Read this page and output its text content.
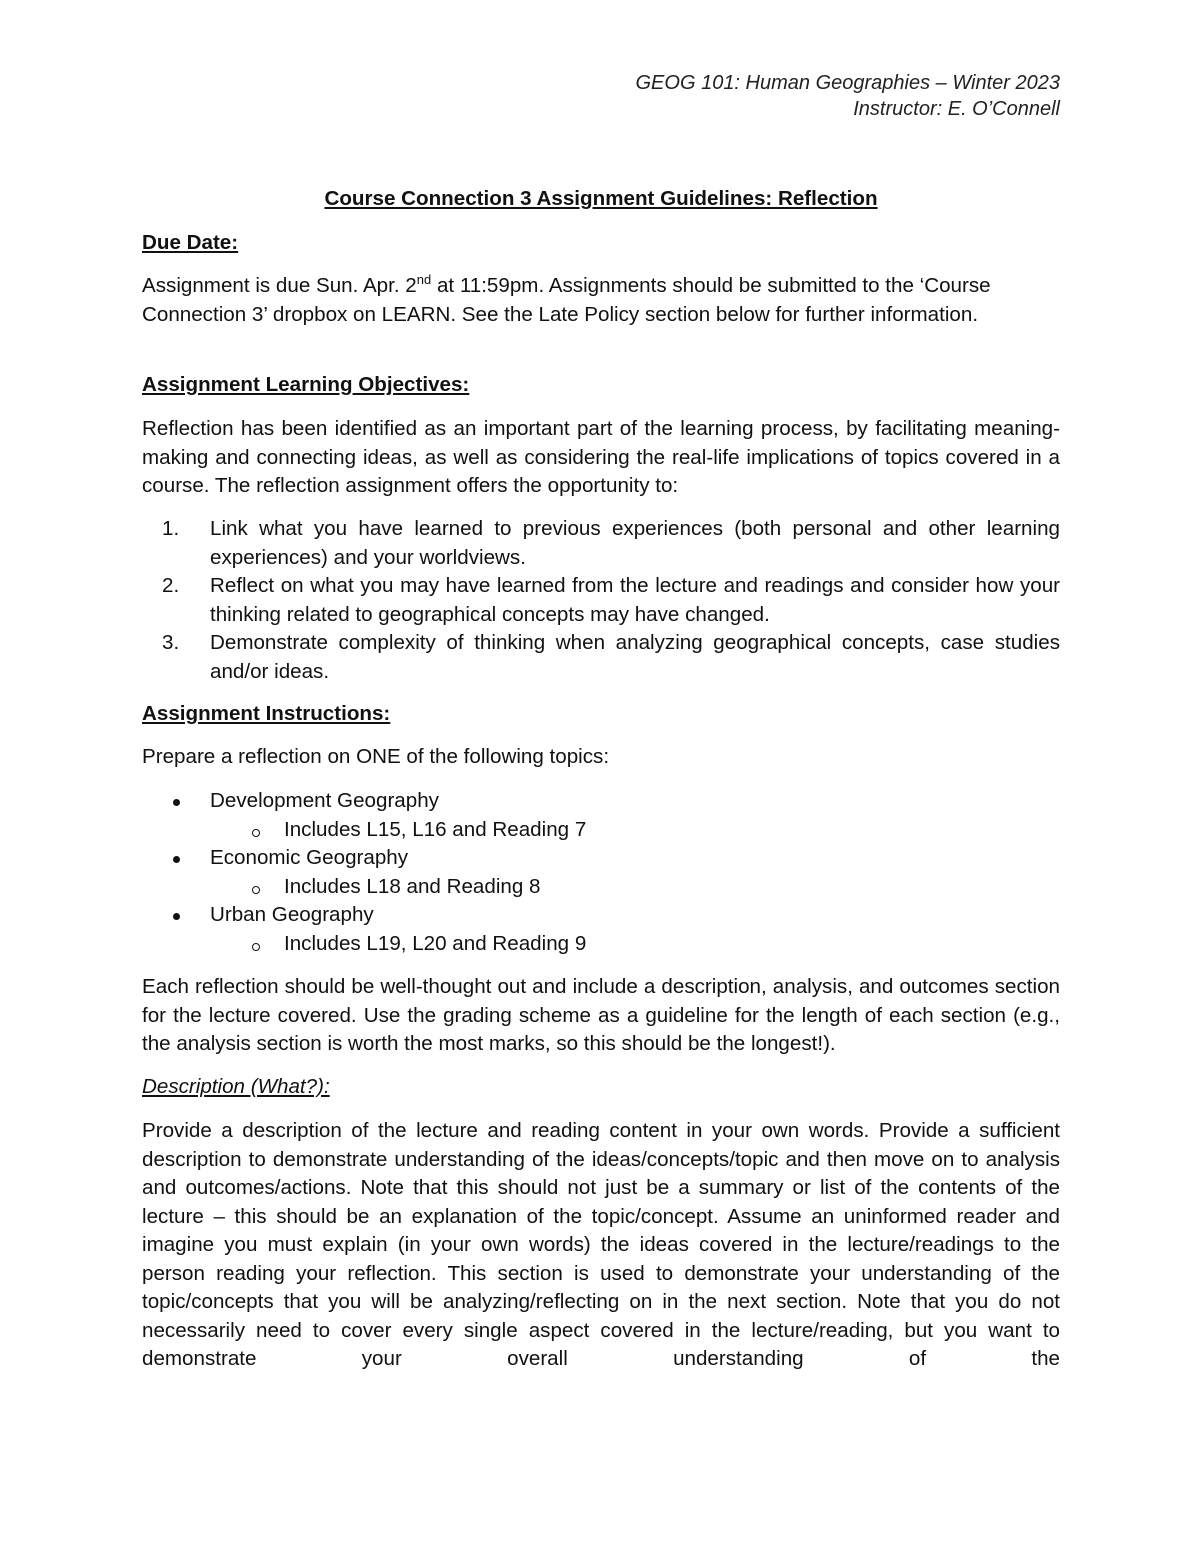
GEOG 101: Human Geographies – Winter 2023
Instructor: E. O’Connell
Course Connection 3 Assignment Guidelines: Reflection
Due Date:
Assignment is due Sun. Apr. 2nd at 11:59pm. Assignments should be submitted to the ‘Course Connection 3’ dropbox on LEARN. See the Late Policy section below for further information.
Assignment Learning Objectives:
Reflection has been identified as an important part of the learning process, by facilitating meaning-making and connecting ideas, as well as considering the real-life implications of topics covered in a course. The reflection assignment offers the opportunity to:
1. Link what you have learned to previous experiences (both personal and other learning experiences) and your worldviews.
2. Reflect on what you may have learned from the lecture and readings and consider how your thinking related to geographical concepts may have changed.
3. Demonstrate complexity of thinking when analyzing geographical concepts, case studies and/or ideas.
Assignment Instructions:
Prepare a reflection on ONE of the following topics:
Development Geography
Includes L15, L16 and Reading 7
Economic Geography
Includes L18 and Reading 8
Urban Geography
Includes L19, L20 and Reading 9
Each reflection should be well-thought out and include a description, analysis, and outcomes section for the lecture covered. Use the grading scheme as a guideline for the length of each section (e.g., the analysis section is worth the most marks, so this should be the longest!).
Description (What?):
Provide a description of the lecture and reading content in your own words. Provide a sufficient description to demonstrate understanding of the ideas/concepts/topic and then move on to analysis and outcomes/actions. Note that this should not just be a summary or list of the contents of the lecture – this should be an explanation of the topic/concept. Assume an uninformed reader and imagine you must explain (in your own words) the ideas covered in the lecture/readings to the person reading your reflection. This section is used to demonstrate your understanding of the topic/concepts that you will be analyzing/reflecting on in the next section. Note that you do not necessarily need to cover every single aspect covered in the lecture/reading, but you want to demonstrate your overall understanding of the
